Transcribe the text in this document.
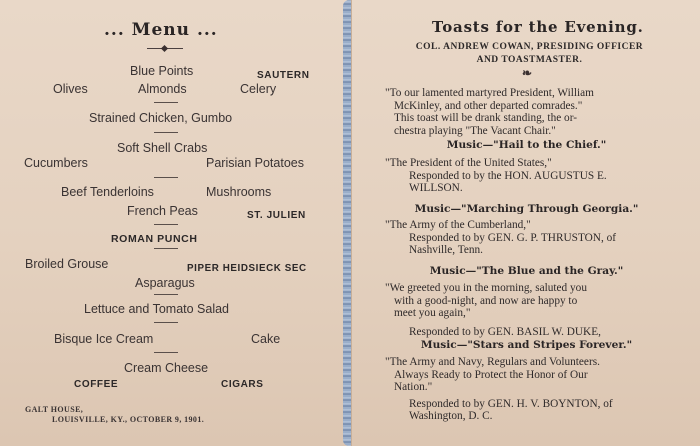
... Menu ...
Blue Points	SAUTERN
Olives	Almonds	Celery
Strained Chicken, Gumbo
Soft Shell Crabs
Cucumbers	Parisian Potatoes
Beef Tenderloins	Mushrooms
French Peas	ST. JULIEN
ROMAN PUNCH
Broiled Grouse	PIPER HEIDSIECK SEC
Asparagus
Lettuce and Tomato Salad
Bisque Ice Cream	Cake
Cream Cheese
COFFEE	CIGARS
GALT HOUSE,
LOUISVILLE, KY., OCTOBER 9, 1901.
Toasts for the Evening.
COL. ANDREW COWAN, PRESIDING OFFICER
AND TOASTMASTER.
❧
"To our lamented martyred President, William
McKinley, and other departed comrades."
This toast will be drank standing, the or-
chestra playing "The Vacant Chair."
Music—"Hail to the Chief."
"The President of the United States,"
Responded to by the HON. AUGUSTUS E.
WILLSON.
Music—"Marching Through Georgia."
"The Army of the Cumberland,"
Responded to by GEN. G. P. THRUSTON, of
Nashville, Tenn.
Music—"The Blue and the Gray."
"We greeted you in the morning, saluted you
with a good-night, and now are happy to
meet you again,"
Responded to by GEN. BASIL W. DUKE,
Music—"Stars and Stripes Forever."
"The Army and Navy, Regulars and Volunteers.
Always Ready to Protect the Honor of Our
Nation."
Responded to by GEN. H. V. BOYNTON, of
Washington, D. C.
